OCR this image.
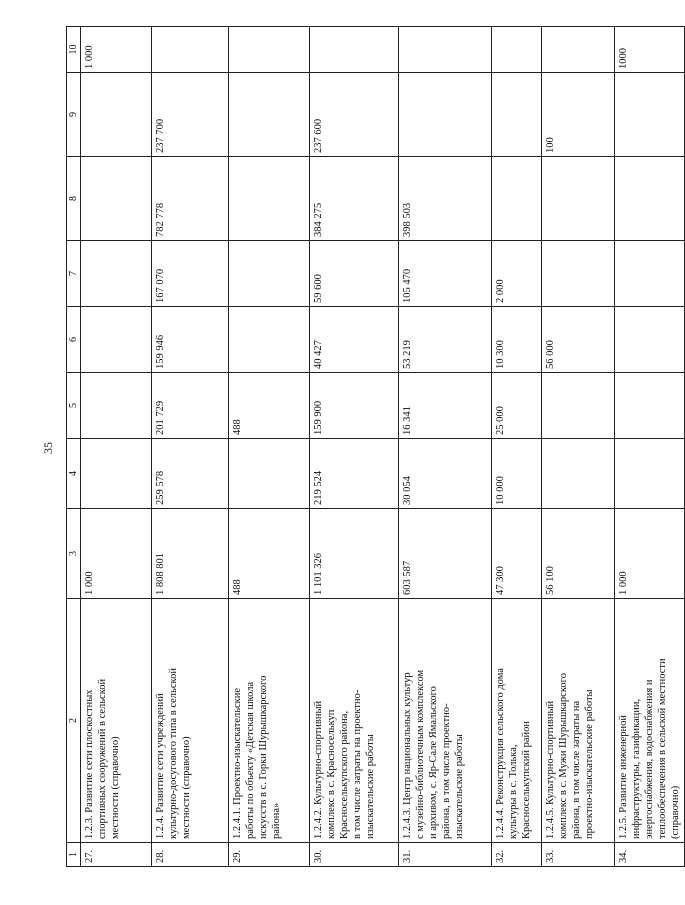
35
1	2	3	4	5	6	7	8	9	10
27.	1.2.3. Развитие сети плоскостных
спортивных сооружений в сельской
местности (справочно)	1 000							1 000
28.	1.2.4. Развитие сети учреждений
культурно-досугового типа в сельской
местности (справочно)	1 808 801	259 578	201 729	159 946	167 070	782 778	237 700	
29.	1.2.4.1. Проектно-изыскательские
работы по объекту «Детская школа
искусств в с. Горки Шурышкарского
района»	488		488					
30.	1.2.4.2. Культурно-спортивный
комплекс в с. Красноселькуп
Красноселькупского района,
в том числе затраты на проектно-
изыскательские работы	1 101 326	219 524	159 900	40 427	59 600	384 275	237 600	
31.	1.2.4.3. Центр национальных культур
с музейно-библиотечным комплексом
и архивом, с. Яр-Сале Ямальского
района, в том числе проектно-
изыскательские работы	603 587	30 054	16 341	53 219	105 470	398 503		
32.	1.2.4.4. Реконструкция сельского дома
культуры в с. Толька,
Красноселькупский район	47 300	10 000	25 000	10 300	2 000			
33.	1.2.4.5. Культурно-спортивный
комплекс в с. Мужи Шурышкарского
района, в том числе затраты на
проектно-изыскательские работы	56 100			56 000			100	
34.	1.2.5. Развитие инженерной
инфраструктуры, газификации,
энергоснабжения, водоснабжения и
теплообеспечения в сельской местности
(справочно)	1 000							1000
